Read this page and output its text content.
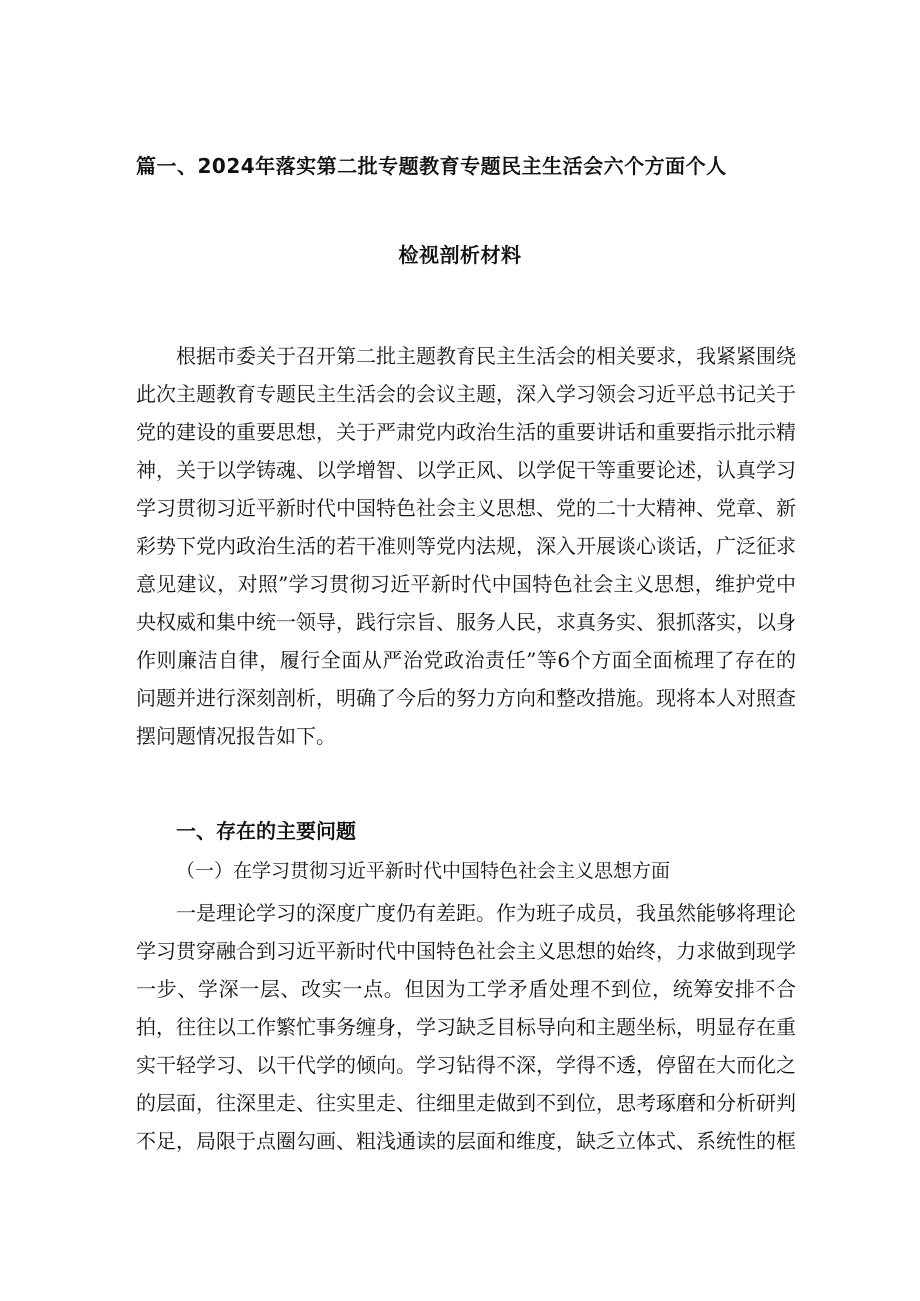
篇一、2024年落实第二批专题教育专题民主生活会六个方面个人
检视剖析材料
根据市委关于召开第二批主题教育民主生活会的相关要求，我紧紧围绕此次主题教育专题民主生活会的会议主题，深入学习领会习近平总书记关于党的建设的重要思想，关于严肃党内政治生活的重要讲话和重要指示批示精神，关于以学铸魂、以学增智、以学正风、以学促干等重要论述，认真学习学习贯彻习近平新时代中国特色社会主义思想、党的二十大精神、党章、新彩势下党内政治生活的若干准则等党内法规，深入开展谈心谈话，广泛征求意见建议，对照”学习贯彻习近平新时代中国特色社会主义思想，维护党中央权威和集中统一领导，践行宗旨、服务人民，求真务实、狠抓落实，以身作则廉洁自律，履行全面从严治党政治责任”等6个方面全面梳理了存在的问题并进行深刻剖析，明确了今后的努力方向和整改措施。现将本人对照查摆问题情况报告如下。
一、存在的主要问题
（一）在学习贯彻习近平新时代中国特色社会主义思想方面
一是理论学习的深度广度仍有差距。作为班子成员，我虽然能够将理论学习贯穿融合到习近平新时代中国特色社会主义思想的始终，力求做到现学一步、学深一层、改实一点。但因为工学矛盾处理不到位，统筹安排不合拍，往往以工作繁忙事务缠身，学习缺乏目标导向和主题坐标，明显存在重实干轻学习、以干代学的倾向。学习钻得不深，学得不透，停留在大而化之的层面，往深里走、往实里走、往细里走做到不到位，思考琢磨和分析研判不足，局限于点圈勾画、粗浅通读的层面和维度，缺乏立体式、系统性的框
